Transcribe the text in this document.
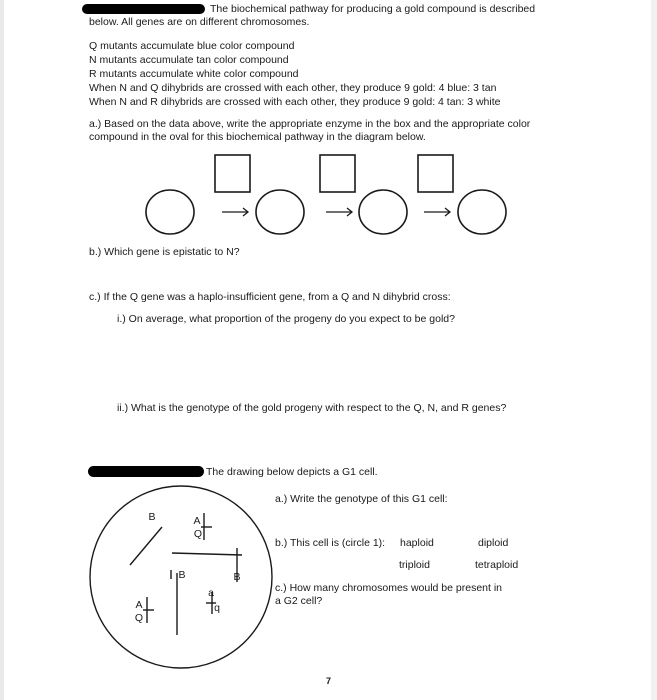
The biochemical pathway for producing a gold compound is described
below. All genes are on different chromosomes.
Q mutants accumulate blue color compound
N mutants accumulate tan color compound
R mutants accumulate white color compound
When N and Q dihybrids are crossed with each other, they produce 9 gold: 4 blue: 3 tan
When N and R dihybrids are crossed with each other, they produce 9 gold: 4 tan: 3 white
a.) Based on the data above, write the appropriate enzyme in the box and the appropriate color
compound in the oval for this biochemical pathway in the diagram below.
b.) Which gene is epistatic to N?
c.) If the Q gene was a haplo-insufficient gene, from a Q and N dihybrid cross:
i.) On average, what proportion of the progeny do you expect to be gold?
ii.) What is the genotype of the gold progeny with respect to the Q, N, and R genes?
The drawing below depicts a G1 cell.
a.) Write the genotype of this G1 cell:
b.) This cell is (circle 1): haploid	diploid
triploid	tetraploid
c.) How many chromosomes would be present in
a G2 cell?
B	A
Q
B	B
a
q
A
Q
7
